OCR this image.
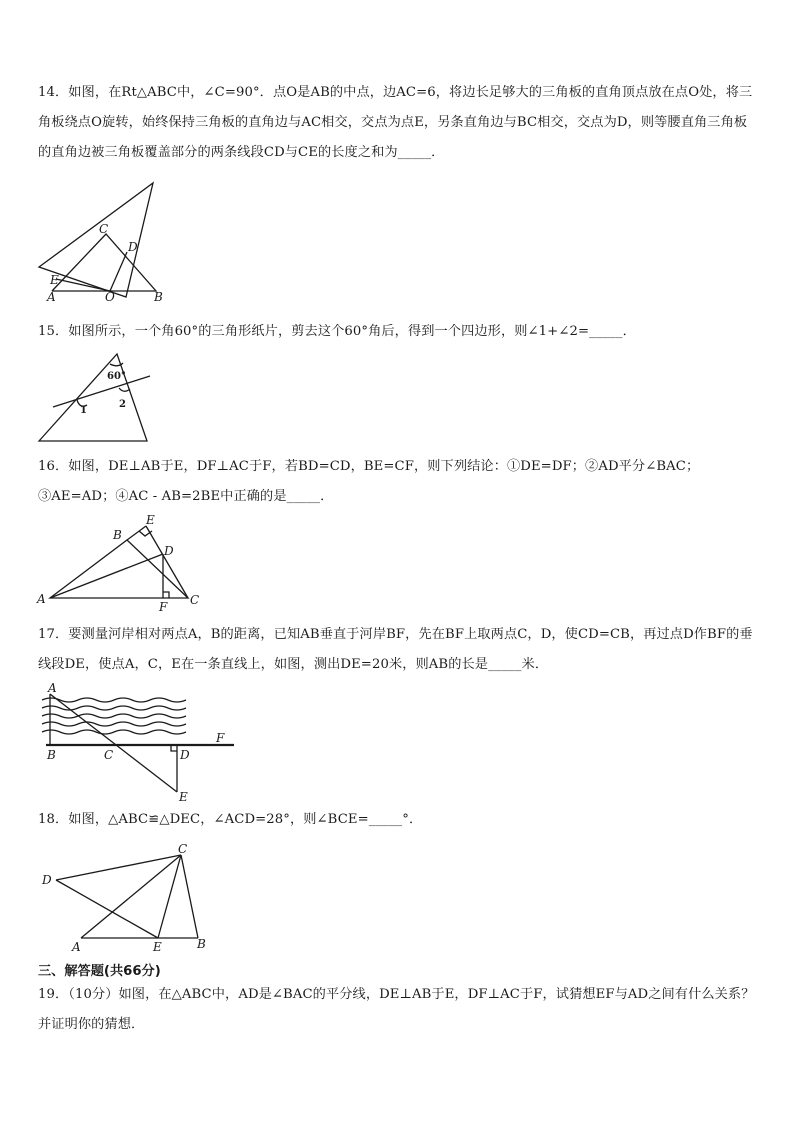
14．如图，在Rt△ABC中，∠C=90°．点O是AB的中点，边AC=6，将边长足够大的三角板的直角顶点放在点O处，将三角板绕点O旋转，始终保持三角板的直角边与AC相交，交点为点E，另条直角边与BC相交，交点为D，则等腰直角三角板的直角边被三角板覆盖部分的两条线段CD与CE的长度之和为_____．

C
D
E
A	O	B

15．如图所示，一个角60°的三角形纸片，剪去这个60°角后，得到一个四边形，则∠1+∠2=_____．

60°
1
2

16．如图，DE⊥AB于E，DF⊥AC于F，若BD=CD，BE=CF，则下列结论：①DE=DF；②AD平分∠BAC；③AE=AD；④AC - AB=2BE中正确的是_____．

E
B
D
A
F C

17．要测量河岸相对两点A，B的距离，已知AB垂直于河岸BF，先在BF上取两点C，D，使CD=CB，再过点D作BF的垂线段DE，使点A，C，E在一条直线上，如图，测出DE=20米，则AB的长是_____米．

A
B	C	D
F
E

18．如图，△ABC≌△DEC，∠ACD=28°，则∠BCE=_____°．

C
D
A	E	B

三、解答题(共66分)

19．（10分）如图，在△ABC中，AD是∠BAC的平分线，DE⊥AB于E，DF⊥AC于F，试猜想EF与AD之间有什么关系？并证明你的猜想．
